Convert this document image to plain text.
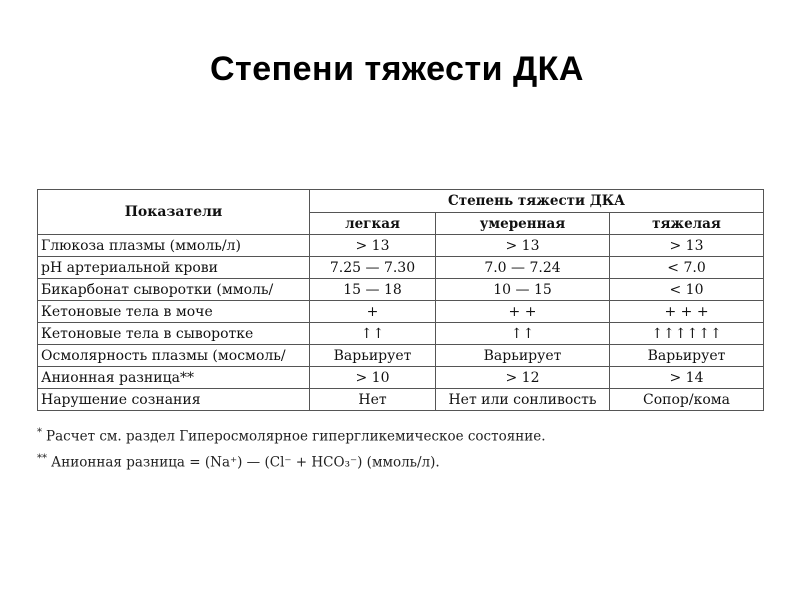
Степени тяжести ДКА
Показатели	Степень тяжести ДКА		
	легкая	умеренная	тяжелая
Глюкоза плазмы (ммоль/л)	> 13	> 13	> 13
pH артериальной крови	7.25 — 7.30	7.0 — 7.24	< 7.0
Бикарбонат сыворотки (ммоль/	15 — 18	10 — 15	< 10
Кетоновые тела в моче	+	+ +	+ + +
Кетоновые тела в сыворотке	↑↑	↑↑	↑↑↑↑↑↑
Осмолярность плазмы (мосмоль/	Варьирует	Варьирует	Варьирует
Анионная разница**	> 10	> 12	> 14
Нарушение сознания	Нет	Нет или сонливость	Сопор/кома
* Расчет см. раздел Гиперосмолярное гипергликемическое состояние.
** Анионная разница = (Na⁺) — (Cl⁻ + HCO₃⁻) (ммоль/л).
